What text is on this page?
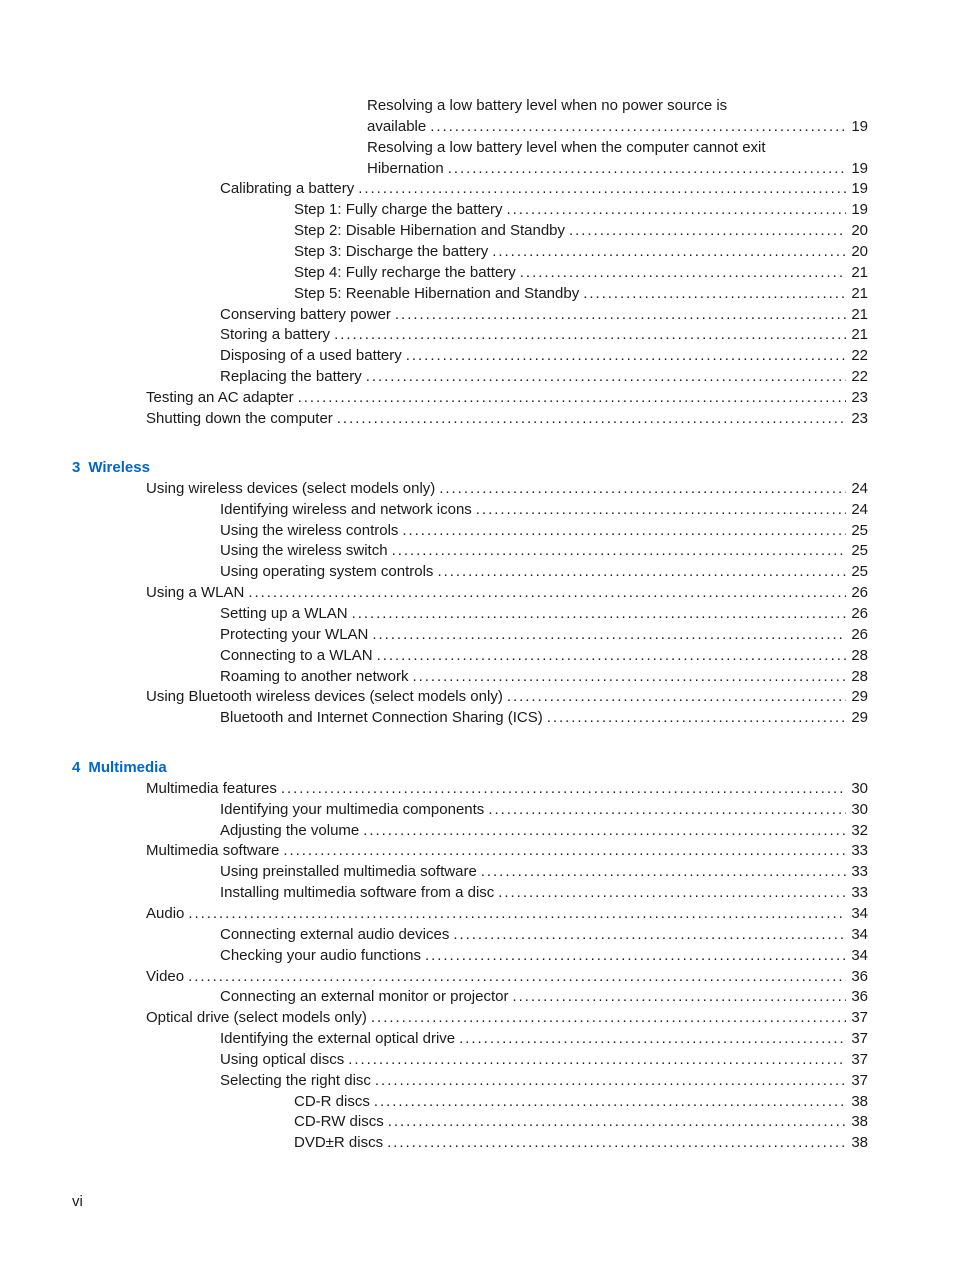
Resolving a low battery level when no power source is
available . . .	19
Resolving a low battery level when the computer cannot exit
Hibernation . . .	19
Calibrating a battery . . .	19
Step 1: Fully charge the battery . . .	19
Step 2: Disable Hibernation and Standby . . .	20
Step 3: Discharge the battery . . .	20
Step 4: Fully recharge the battery . . .	21
Step 5: Reenable Hibernation and Standby . . .	21
Conserving battery power . . .	21
Storing a battery . . .	21
Disposing of a used battery . . .	22
Replacing the battery . . .	22
Testing an AC adapter . . .	23
Shutting down the computer . . .	23
3 Wireless
Using wireless devices (select models only) . . .	24
Identifying wireless and network icons . . .	24
Using the wireless controls . . .	25
Using the wireless switch . . .	25
Using operating system controls . . .	25
Using a WLAN . . .	26
Setting up a WLAN . . .	26
Protecting your WLAN . . .	26
Connecting to a WLAN . . .	28
Roaming to another network . . .	28
Using Bluetooth wireless devices (select models only) . . .	29
Bluetooth and Internet Connection Sharing (ICS) . . .	29
4 Multimedia
Multimedia features . . .	30
Identifying your multimedia components . . .	30
Adjusting the volume . . .	32
Multimedia software . . .	33
Using preinstalled multimedia software . . .	33
Installing multimedia software from a disc . . .	33
Audio . . .	34
Connecting external audio devices . . .	34
Checking your audio functions . . .	34
Video . . .	36
Connecting an external monitor or projector . . .	36
Optical drive (select models only) . . .	37
Identifying the external optical drive . . .	37
Using optical discs . . .	37
Selecting the right disc . . .	37
CD-R discs . . .	38
CD-RW discs . . .	38
DVD±R discs . . .	38
vi
